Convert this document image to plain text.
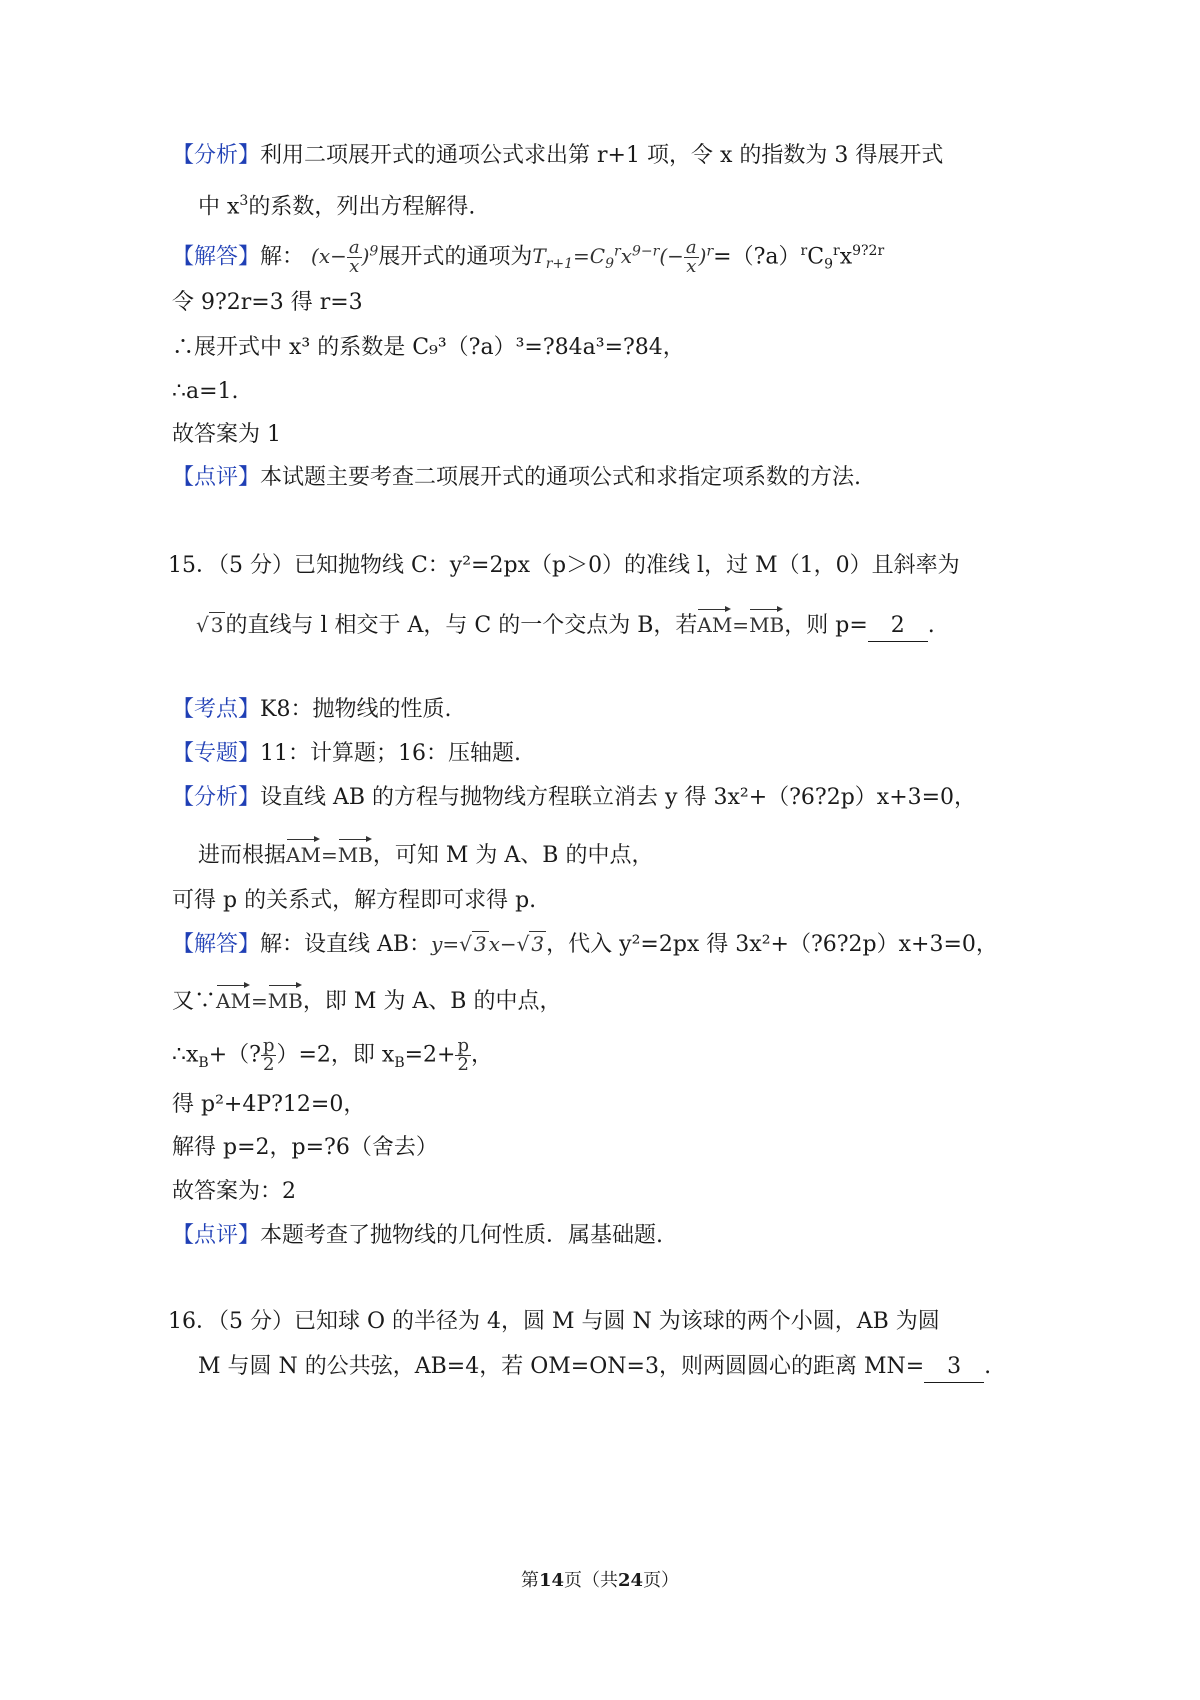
【分析】利用二项展开式的通项公式求出第 r+1 项，令 x 的指数为 3 得展开式
中 $x^3$的系数，列出方程解得.
【解答】解： $(x- \frac{a}{x} )^9$展开式的通项为$T_{r+1}=C_9^rx^{9-r}(- \frac{a}{x}$ )$^r=(?a)^rC_9^rx^{9?2r}$
令 9?2r=3 得 r=3
∴展开式中 x³ 的系数是 C₉³（?a）³=?84a³=?84，
∴a=1.
故答案为 1
【点评】本试题主要考查二项展开式的通项公式和求指定项系数的方法.
15．（5 分）已知抛物线 C：y²=2px（p＞0）的准线 l，过 M（1，0）且斜率为
√ 3的直线与 l 相交于 A，与 C 的一个交点为 B，若AM=MB，则 p= 2 .
【考点】K8：抛物线的性质.
【专题】11：计算题；16：压轴题.
【分析】设直线 AB 的方程与抛物线方程联立消去 y 得 3x²+（?6?2p）x+3=0，
进而根据AM=MB，可知 M 为 A、B 的中点，
可得 p 的关系式，解方程即可求得 p.
【解答】解：设直线 AB：y=√ 3 x−√ 3，代入 y²=2px 得 3x²+（?6?2p）x+3=0，
又∵AM=MB，即 M 为 A、B 的中点，
$\therefore x_B+$（? $\frac{p}{2} )=2$，即 $x_B=2+ \frac{p}{2}$ ，
得 p²+4P?12=0，
解得 p=2，p=?6（舍去）
故答案为：2
【点评】本题考查了抛物线的几何性质．属基础题.
16．（5 分）已知球 O 的半径为 4，圆 M 与圆 N 为该球的两个小圆，AB 为圆
M 与圆 N 的公共弦，AB=4，若 OM=ON=3，则两圆圆心的距离 MN= 3 .
第14页（共24页）
